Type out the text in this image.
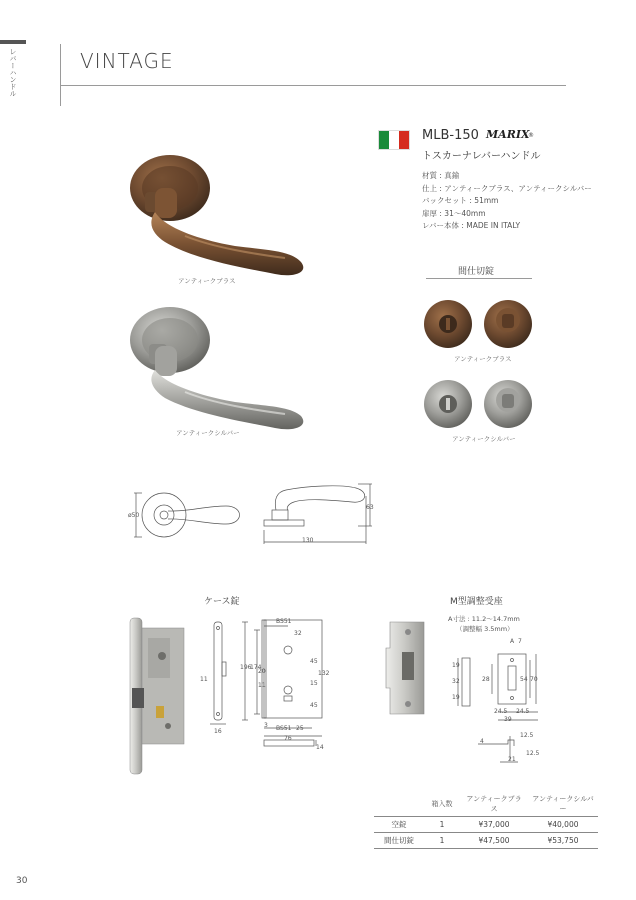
レバーハンドル	VINTAGE
MLB-150 MARIX
®
トスカーナレバーハンドル
材質 : 真鍮
仕上 : アンティークブラス、アンティークシルバー
バックセット : 51mm
扉厚 : 31〜40mm
レバー本体 : MADE IN ITALY
アンティークブラス
アンティークシルバー
間仕切錠
アンティークブラス
アンティークシルバー
ø50
63
130
ケース錠
BS51
32
196
174
20
11
11
45
15
45
132
16
3 BS51 25
76
14
M型調整受座
A寸法 : 11.2〜14.7mm
（調整幅 3.5mm）
A 7
19
32
19
28	54 70
24.5 24.5
39
4
12.5
21
12.5
	箱入数	アンティークブラス	アンティークシルバー
空錠	1	¥37,000	¥40,000
間仕切錠	1	¥47,500	¥53,750
30
